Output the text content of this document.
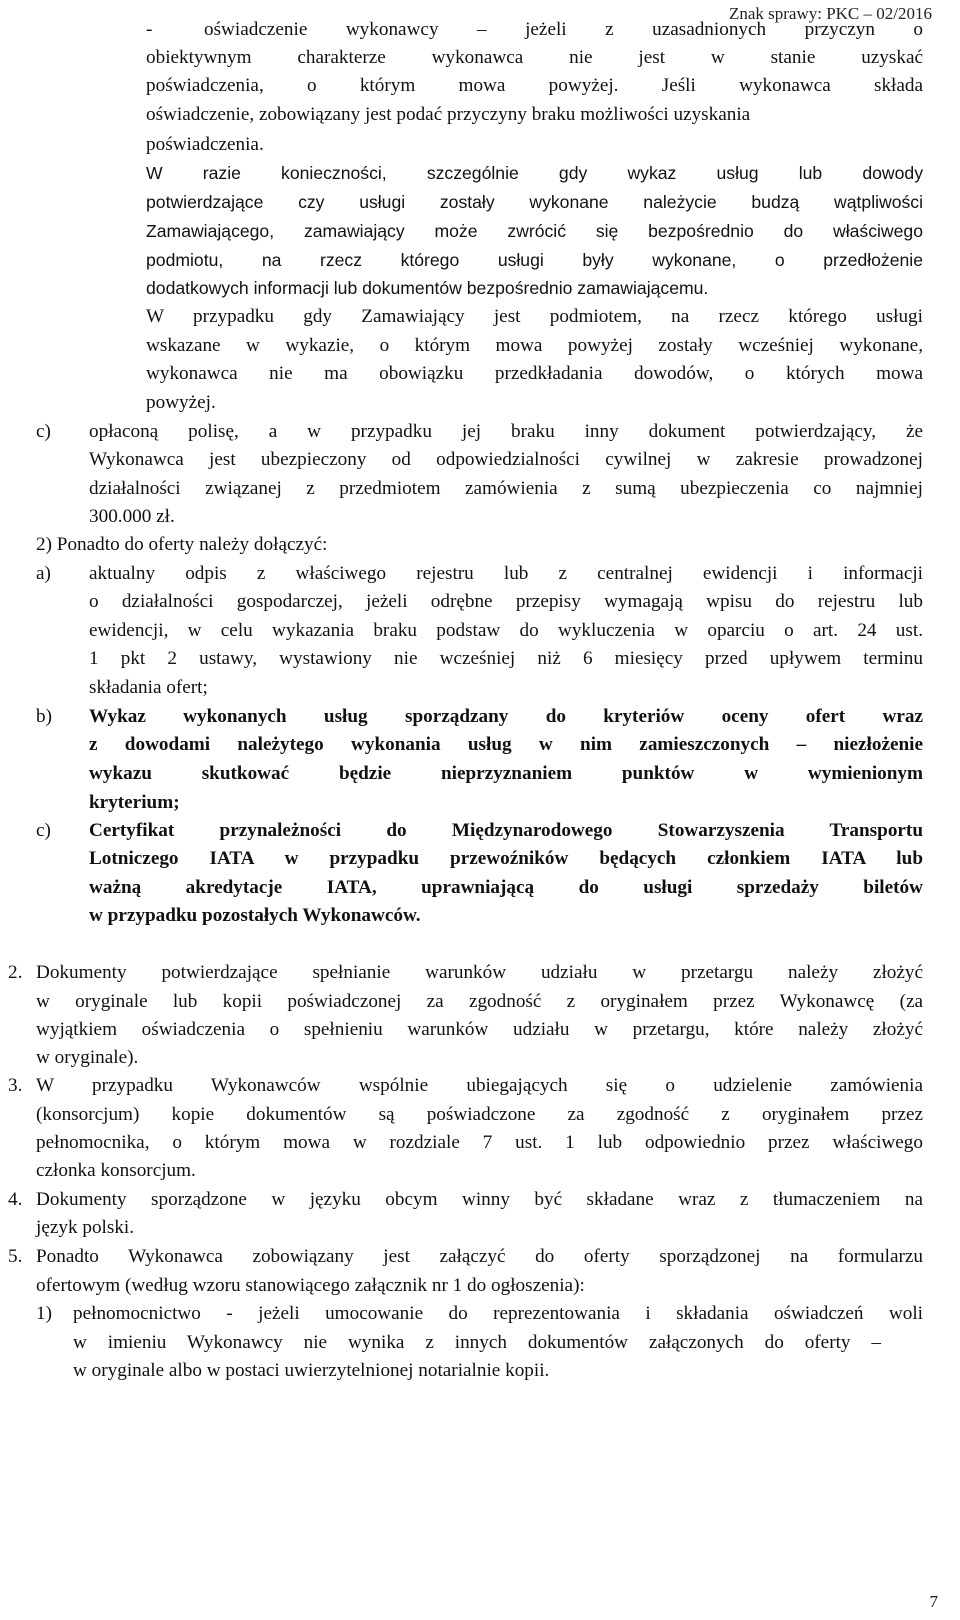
Znak sprawy: PKC – 02/2016
-	oświadczenie wykonawcy – jeżeli z uzasadnionych przyczyn o

obiektywnym charakterze wykonawca nie jest w stanie uzyskać

poświadczenia, o którym mowa powyżej. Jeśli wykonawca składa

oświadczenie, zobowiązany jest podać przyczyny braku możliwości uzyskania

poświadczenia.

W razie konieczności, szczególnie gdy wykaz usług lub dowody

potwierdzające czy usługi zostały wykonane należycie budzą wątpliwości

Zamawiającego, zamawiający może zwrócić się bezpośrednio do właściwego

podmiotu, na rzecz którego usługi były wykonane, o przedłożenie

dodatkowych informacji lub dokumentów bezpośrednio zamawiającemu.

W przypadku gdy Zamawiający jest podmiotem, na rzecz którego usługi

wskazane w wykazie, o którym mowa powyżej zostały wcześniej wykonane,

wykonawca nie ma obowiązku przedkładania dowodów, o których mowa

powyżej.

c) opłaconą polisę, a w przypadku jej braku inny dokument potwierdzający, że

Wykonawca jest ubezpieczony od odpowiedzialności cywilnej w zakresie prowadzonej

działalności związanej z przedmiotem zamówienia z sumą ubezpieczenia co najmniej

300.000 zł.

2) Ponadto do oferty należy dołączyć:

a) aktualny odpis z właściwego rejestru lub z centralnej ewidencji i informacji

o działalności gospodarczej, jeżeli odrębne przepisy wymagają wpisu do rejestru lub

ewidencji, w celu wykazania braku podstaw do wykluczenia w oparciu o art. 24 ust.

1 pkt 2 ustawy, wystawiony nie wcześniej niż 6 miesięcy przed upływem terminu

składania ofert;

b) Wykaz wykonanych usług sporządzany do kryteriów oceny ofert wraz

z dowodami należytego wykonania usług w nim zamieszczonych – niezłożenie

wykazu skutkować będzie nieprzyznaniem punktów w wymienionym

kryterium;

c) Certyfikat przynależności do Międzynarodowego Stowarzyszenia Transportu

Lotniczego IATA w przypadku przewoźników będących członkiem IATA lub

ważną akredytacje IATA, uprawniającą do usługi sprzedaży biletów

w przypadku pozostałych Wykonawców.

2. Dokumenty potwierdzające spełnianie warunków udziału w przetargu należy złożyć

w oryginale lub kopii poświadczonej za zgodność z oryginałem przez Wykonawcę (za

wyjątkiem oświadczenia o spełnieniu warunków udziału w przetargu, które należy złożyć

w oryginale).

3. W przypadku Wykonawców wspólnie ubiegających się o udzielenie zamówienia

(konsorcjum) kopie dokumentów są poświadczone za zgodność z oryginałem przez

pełnomocnika, o którym mowa w rozdziale 7 ust. 1 lub odpowiednio przez właściwego

członka konsorcjum.

4. Dokumenty sporządzone w języku obcym winny być składane wraz z tłumaczeniem na

język polski.

5. Ponadto Wykonawca zobowiązany jest załączyć do oferty sporządzonej na formularzu

ofertowym (według wzoru stanowiącego załącznik nr 1 do ogłoszenia):

1) pełnomocnictwo - jeżeli umocowanie do reprezentowania i składania oświadczeń woli

w imieniu Wykonawcy nie wynika z innych dokumentów załączonych do oferty –

w oryginale albo w postaci uwierzytelnionej notarialnie kopii.

7
